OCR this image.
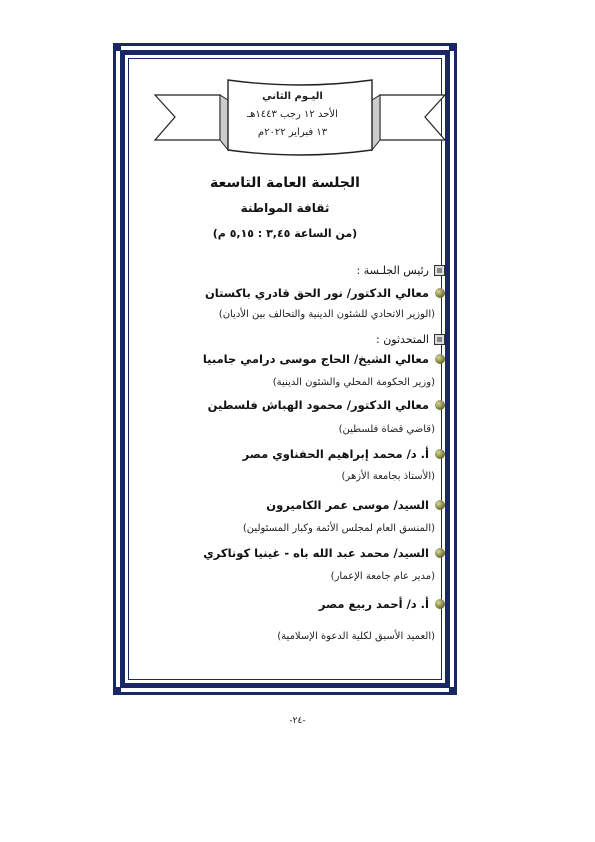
اليـوم الثاني
الأحد ١٢ رجب ١٤٤٣هـ
١٣ فبراير ٢٠٢٢م
الجلسة العامة التاسعة
ثقافة المواطنة
(من الساعة ٣,٤٥ : ٥,١٥ م)
رئيس الجلـسة :
معالي الدكتور/ نور الحق قادري باكستان
(الوزير الاتحادي للشئون الدينية والتحالف بين الأديان)
المتحدثون :
معالي الشيخ/ الحاج موسى درامي جامبيا
(وزير الحكومة المحلي والشئون الدينية)
معالي الدكتور/ محمود الهباش فلسطين
(قاضي قضاة فلسطين)
أ. د/ محمد إبراهيم الحفناوي مصر
(الأستاذ بجامعة الأزهر)
السيد/ موسى عمر الكاميرون
(المنسق العام لمجلس الأئمة وكبار المسئولين)
السيد/ محمد عبد الله باه - غينيا كوناكري
(مدير عام جامعة الإعمار)
أ. د/ أحمد ربيع مصر
(العميد الأسبق لكلية الدعوة الإسلامية)
-٢٤-
